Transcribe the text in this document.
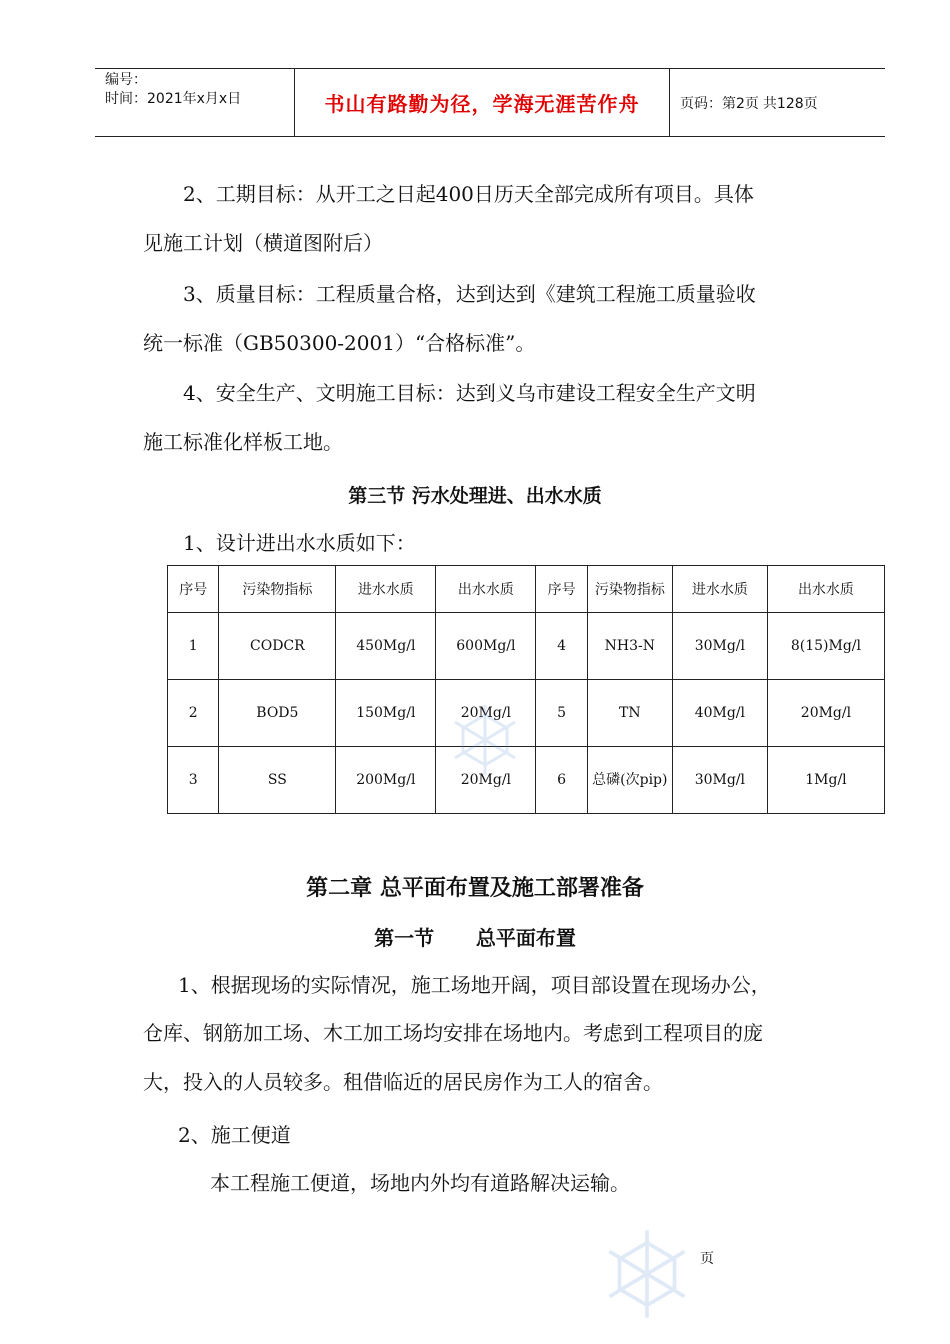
编号：
时间：2021年x月x日	书山有路勤为径，学海无涯苦作舟	页码：第2页 共128页
2、工期目标：从开工之日起400日历天全部完成所有项目。具体
见施工计划（横道图附后）
3、质量目标：工程质量合格，达到达到《建筑工程施工质量验收
统一标准（GB50300-2001）“合格标准”。
4、安全生产、文明施工目标：达到义乌市建设工程安全生产文明
施工标准化样板工地。
第三节 污水处理进、出水水质
1、设计进出水水质如下：
序号	污染物指标	进水水质	出水水质	序号	污染物指标	进水水质	出水水质
1	CODCR	450Mg/l	600Mg/l	4	NH3-N	30Mg/l	8(15)Mg/l
2	BOD5	150Mg/l	20Mg/l	5	TN	40Mg/l	20Mg/l
3	SS	200Mg/l	20Mg/l	6	总磷(次pip)	30Mg/l	1Mg/l
第二章 总平面布置及施工部署准备
第一节      总平面布置
1、根据现场的实际情况，施工场地开阔，项目部设置在现场办公，
仓库、钢筋加工场、木工加工场均安排在场地内。考虑到工程项目的庞
大，投入的人员较多。租借临近的居民房作为工人的宿舍。
2、施工便道
本工程施工便道，场地内外均有道路解决运输。
页
